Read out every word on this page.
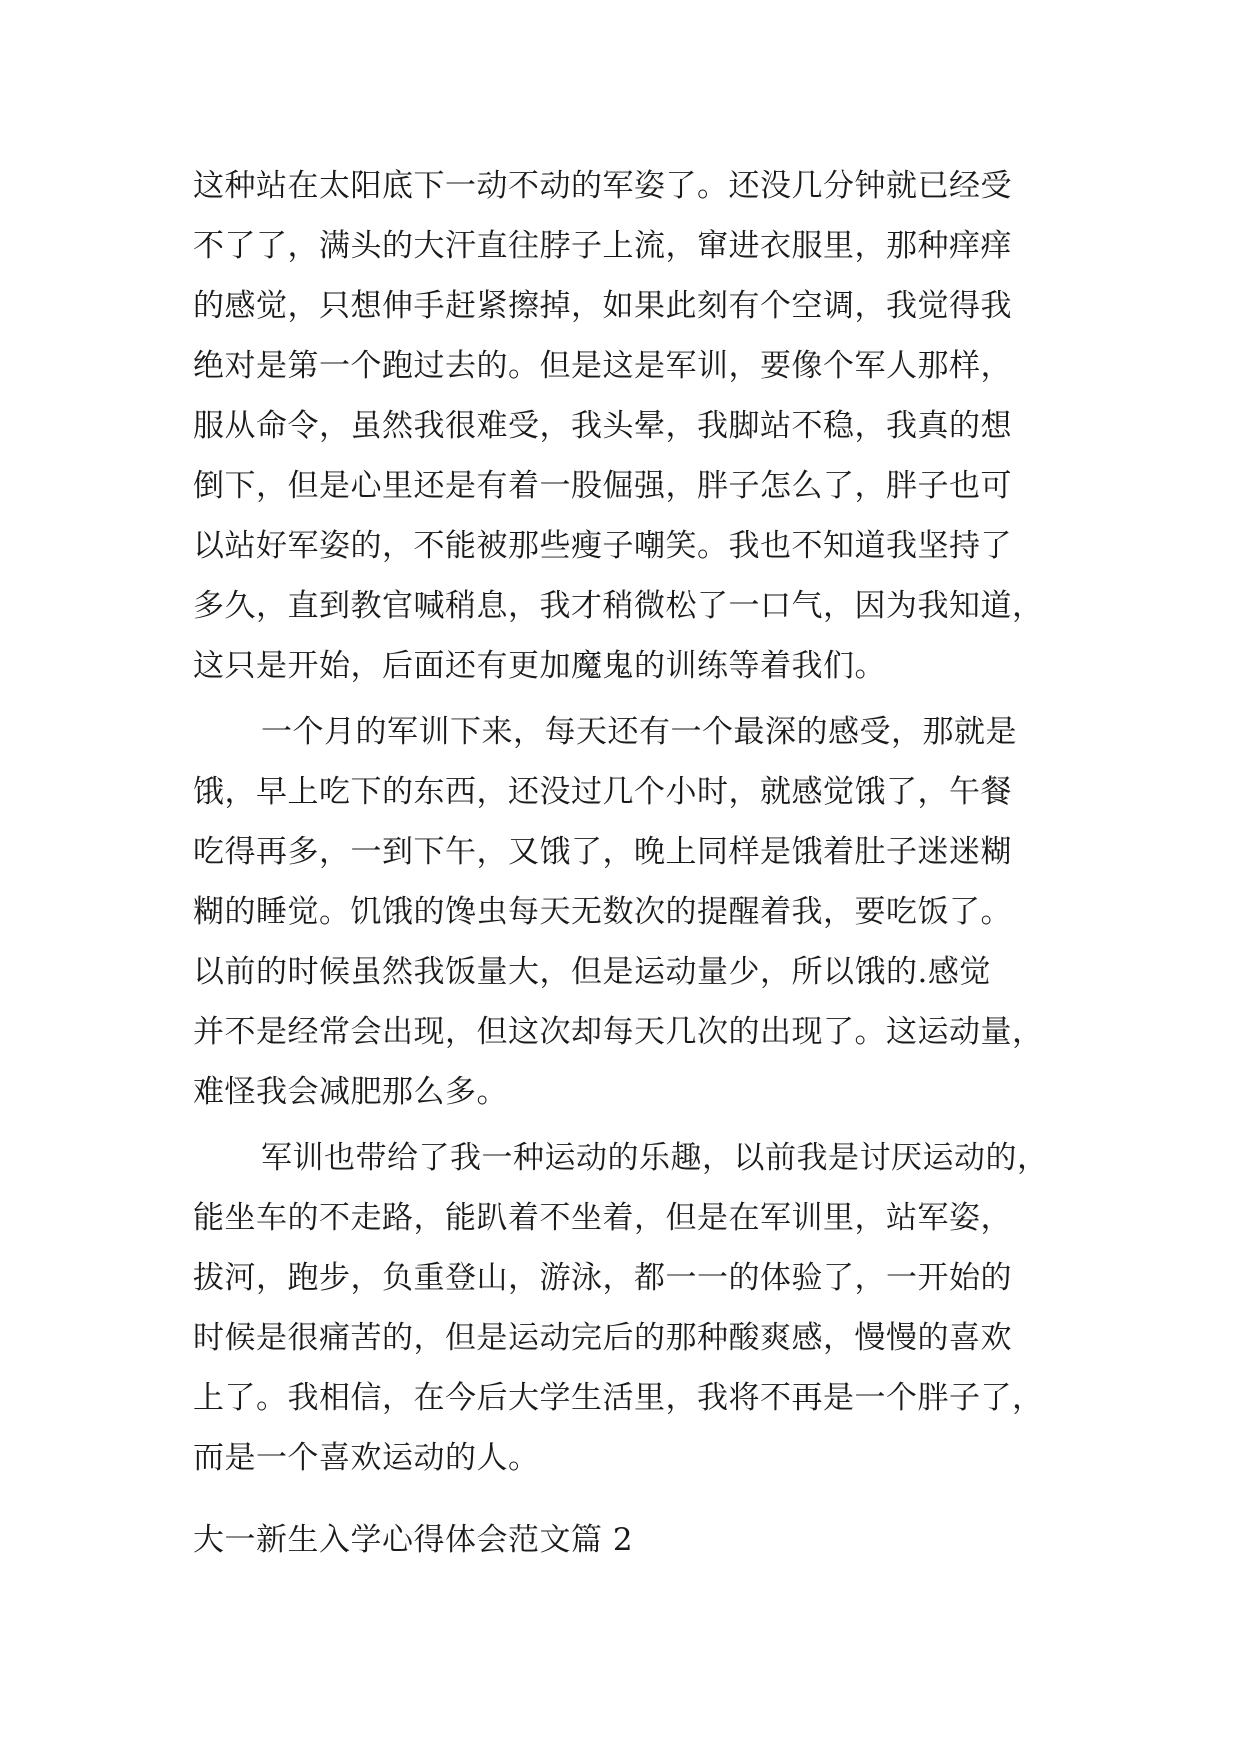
这种站在太阳底下一动不动的军姿了。还没几分钟就已经受
不了了，满头的大汗直往脖子上流，窜进衣服里，那种痒痒
的感觉，只想伸手赶紧擦掉，如果此刻有个空调，我觉得我
绝对是第一个跑过去的。但是这是军训，要像个军人那样，
服从命令，虽然我很难受，我头晕，我脚站不稳，我真的想
倒下，但是心里还是有着一股倔强，胖子怎么了，胖子也可
以站好军姿的，不能被那些瘦子嘲笑。我也不知道我坚持了
多久，直到教官喊稍息，我才稍微松了一口气，因为我知道，
这只是开始，后面还有更加魔鬼的训练等着我们。
一个月的军训下来，每天还有一个最深的感受，那就是
饿，早上吃下的东西，还没过几个小时，就感觉饿了，午餐
吃得再多，一到下午，又饿了，晚上同样是饿着肚子迷迷糊
糊的睡觉。饥饿的馋虫每天无数次的提醒着我，要吃饭了。
以前的时候虽然我饭量大，但是运动量少，所以饿的.感觉
并不是经常会出现，但这次却每天几次的出现了。这运动量，
难怪我会减肥那么多。
军训也带给了我一种运动的乐趣，以前我是讨厌运动的，
能坐车的不走路，能趴着不坐着，但是在军训里，站军姿，
拔河，跑步，负重登山，游泳，都一一的体验了，一开始的
时候是很痛苦的，但是运动完后的那种酸爽感，慢慢的喜欢
上了。我相信，在今后大学生活里，我将不再是一个胖子了，
而是一个喜欢运动的人。
大一新生入学心得体会范文篇 2
